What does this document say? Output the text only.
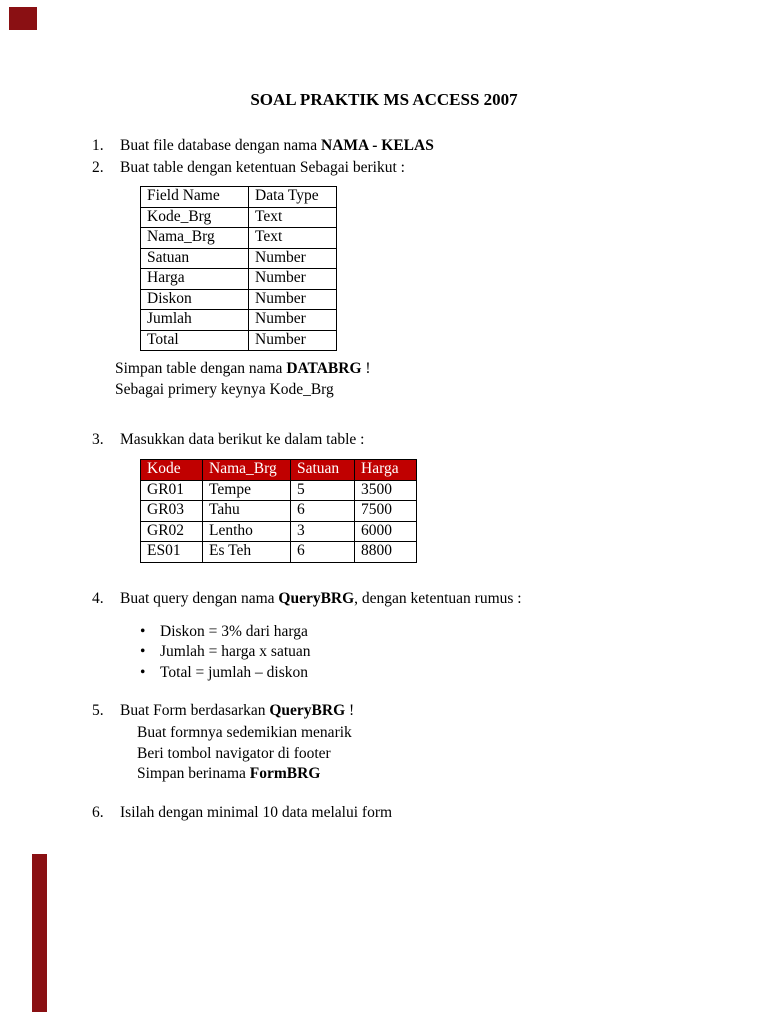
SOAL PRAKTIK MS ACCESS 2007
1.	Buat file database dengan nama NAMA - KELAS
2.	Buat table dengan ketentuan Sebagai berikut :
Field Name	Data Type
Kode_Brg	Text
Nama_Brg	Text
Satuan	Number
Harga	Number
Diskon	Number
Jumlah	Number
Total	Number
Simpan table dengan nama DATABRG !
Sebagai primery keynya Kode_Brg
3.	Masukkan data berikut ke dalam table :
Kode	Nama_Brg	Satuan	Harga
GR01	Tempe	5	3500
GR03	Tahu	6	7500
GR02	Lentho	3	6000
ES01	Es Teh	6	8800
4.	Buat query dengan nama QueryBRG, dengan ketentuan rumus :
• Diskon = 3% dari harga
• Jumlah = harga x satuan
• Total = jumlah – diskon
5.	Buat Form berdasarkan QueryBRG !
Buat formnya sedemikian menarik
Beri tombol navigator di footer
Simpan berinama FormBRG
6.	Isilah dengan minimal 10 data melalui form
